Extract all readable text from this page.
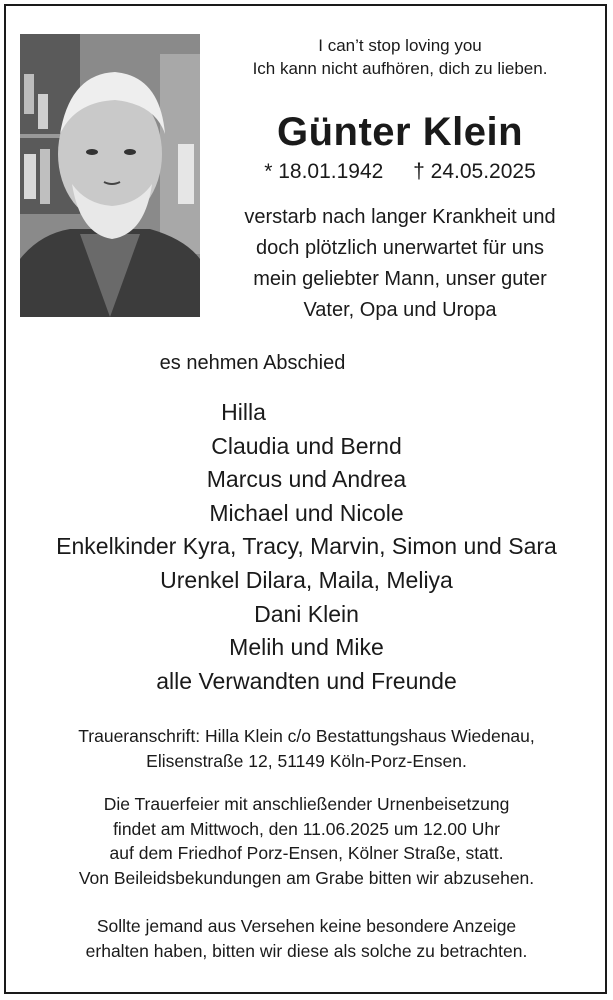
I can’t stop loving you
Ich kann nicht aufhören, dich zu lieben.
Günter Klein
* 18.01.1942 † 24.05.2025
verstarb nach langer Krankheit und
doch plötzlich unerwartet für uns
mein geliebter Mann, unser guter
Vater, Opa und Uropa
es nehmen Abschied
Hilla
Claudia und Bernd
Marcus und Andrea
Michael und Nicole
Enkelkinder Kyra, Tracy, Marvin, Simon und Sara
Urenkel Dilara, Maila, Meliya
Dani Klein
Melih und Mike
alle Verwandten und Freunde
Traueranschrift: Hilla Klein c/o Bestattungshaus Wiedenau,
Elisenstraße 12, 51149 Köln-Porz-Ensen.
Die Trauerfeier mit anschließender Urnenbeisetzung
findet am Mittwoch, den 11.06.2025 um 12.00 Uhr
auf dem Friedhof Porz-Ensen, Kölner Straße, statt.
Von Beileidsbekundungen am Grabe bitten wir abzusehen.
Sollte jemand aus Versehen keine besondere Anzeige
erhalten haben, bitten wir diese als solche zu betrachten.
